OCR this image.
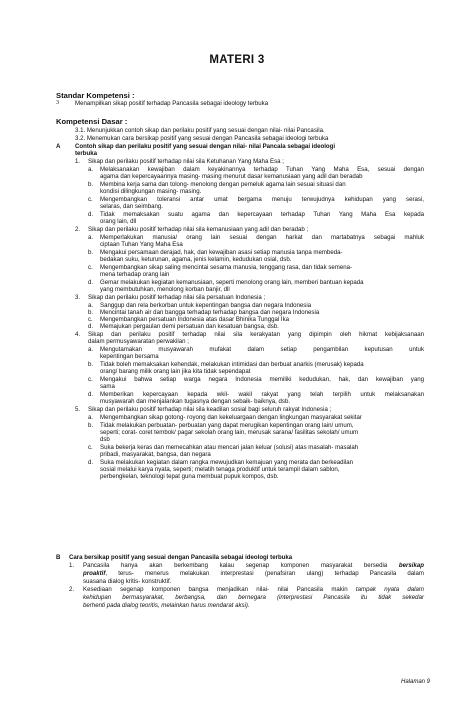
MATERI 3
Standar Kompetensi :
3	Menampilkan sikap positif terhadap Pancasila sebagai ideology terbuka
Kompetensi Dasar :
3.1. Menunjukkan contoh sikap dan perilaku positif yang sesuai dengan nilai- nilai Pancasila.
3.2. Menemukan cara bersikap positif yang sesuai dengan Pancasila sebagai ideologi terbuka
A Contoh sikap dan perilaku positif yang sesuai dengan nilai- nilai Pancala sebagai ideologi
terbuka
1. Sikap dan perilaku positif terhadap nilai sila Ketuhanan Yang Maha Esa ;
a. Melaksanakan kewajiban dalam keyakinannya terhadap Tuhan Yang Maha Esa, sesuai dengan
agama dan kepercayaannya masing- masing menurut dasar kemanusiaan yang adil dan beradab
b. Membina kerja sama dan tolong- menolong dengan pemeluk agama lain sesuai situasi dan
kondisi dilingkungan masing- masing.
c. Mengembangkan toleransi antar umat bergama menuju terwujudnya kehidupan yang serasi,
selaras, dan seimbang.
d. Tidak memaksakan suatu agama dan kepercayaan terhadap Tuhan Yang Maha Esa kepada
orang lain, dll
2. Sikap dan perilaku positif terhadap nilai sila kemanusiaan yang adil dan beradab ;
a. Memperlakukan manusia/ orang lain sesuai dengan harkat dan martabatnya sebagai mahluk
ciptaan Tuhan Yang Maha Esa
b. Mengakui persamaan derajad, hak, dan kewajiban asasi setiap manusia tanpa membeda-
bedakan suku, keturunan, agama, jenis kelamin, kedudukan osial, dsb.
c. Mengembangkan sikap saling mencintai sesama manusia, tenggang rasa, dan tidak semena-
mena terhadap orang lain
d. Gemar melakukan kegiatan kemanusiaan, seperti menolong orang lain, memberi bantuan kepada
yang membutuhkan, menolong korban banjir, dll
3. Sikap dan perilaku positif terhadap nilai sila persatuan Indonesia ;
a. Sanggup dan rela berkorban untuk kepentingan bangsa dan negara Indonesia
b. Mencintai tanah air dan bangga terhadap terhadap bangsa dan negara Indonesia
c. Mengembangkan persatuan Indonesia atas dasar Bhinika Tunggal Ika
d. Memajukan pergaulan demi persatuan dan kesatuan bangsa, dsb.
4. Sikap dan perilaku positif terhadap nilai sila kerakyatan yang dipimpin oleh hikmat kebijaksanaan
dalam permusyawaratan perwakilan ;
a. Mengutamakan musyawarah mufakat dalam setiap pengambilan keputusan untuk
kepentingan bersama
b. Tidak boleh memaksakan kehendak, melakukan intimidasi dan berbuat anarkis (merusak) kepada
orang/ barang milik orang lain jika kita tidak sependapat
c. Mengakui bahwa setiap warga negara Indonesia memiliki kedudukan, hak, dan kewajiban yang
sama
d. Memberikan kepercayaan kepada wkil- wakil rakyat yang telah terpilih untuk melaksanakan
musyawarah dan menjalankan tugasnya dengan sebaik- baiknya, dsb.
5. Sikap dan perilaku positif terhadap nilai sila keadilan sosial bagi seluruh rakyat Indonesia ;
a. Mengembangkan sikap gotong- royong dan kekeluargaan dengan lingkungan masyarakat sekitar
b. Tidak melakukan perbuatan- perbuatan yang dapat merugikan kepentingan orang lain/ umum,
seperti; corat- coret tembok/ pagar sekolah orang lain, merusak sarana/ fasilitas sekolah/ umum
dsb
c. Suka bekerja keras dan memecahkan atau mencari jalan keluar (solusi) atas masalah- masalah
pribadi, masyarakat, bangsa, dan negara
d. Suka melakukan kegiatan dalam rangka mewujudkan kemajuan yang merata dan berkeadilan
sosial melalui karya nyata, seperti; melatih tenaga produktif untuk terampil dalam sablon,
perbengkelan, teknologi tepat guna membuat pupuk kompos, dsb.
B Cara bersikap positif yang sesuai dengan Pancasila sebagai ideologi terbuka
1. Pancasila hanya akan berkembang kalau segenap komponen masyarakat bersedia bersikap
proaktif, terus- menerus melakukan interprestasi (penafsiran ulang) terhadap Pancasila dalam
suasana dialog kritis- konstruktif.
2. Kesediaan segenap komponen bangsa menjadikan nilai- nilai Pancasila makin tampak nyata dalam
kehidupan bermasyarakat, berbangsa, dan bernegara (interprestasi Pancasila itu tidak sekedar
berhenti pada dialog teoritis, melainkan harus mendarat aksi).
Halaman 9
